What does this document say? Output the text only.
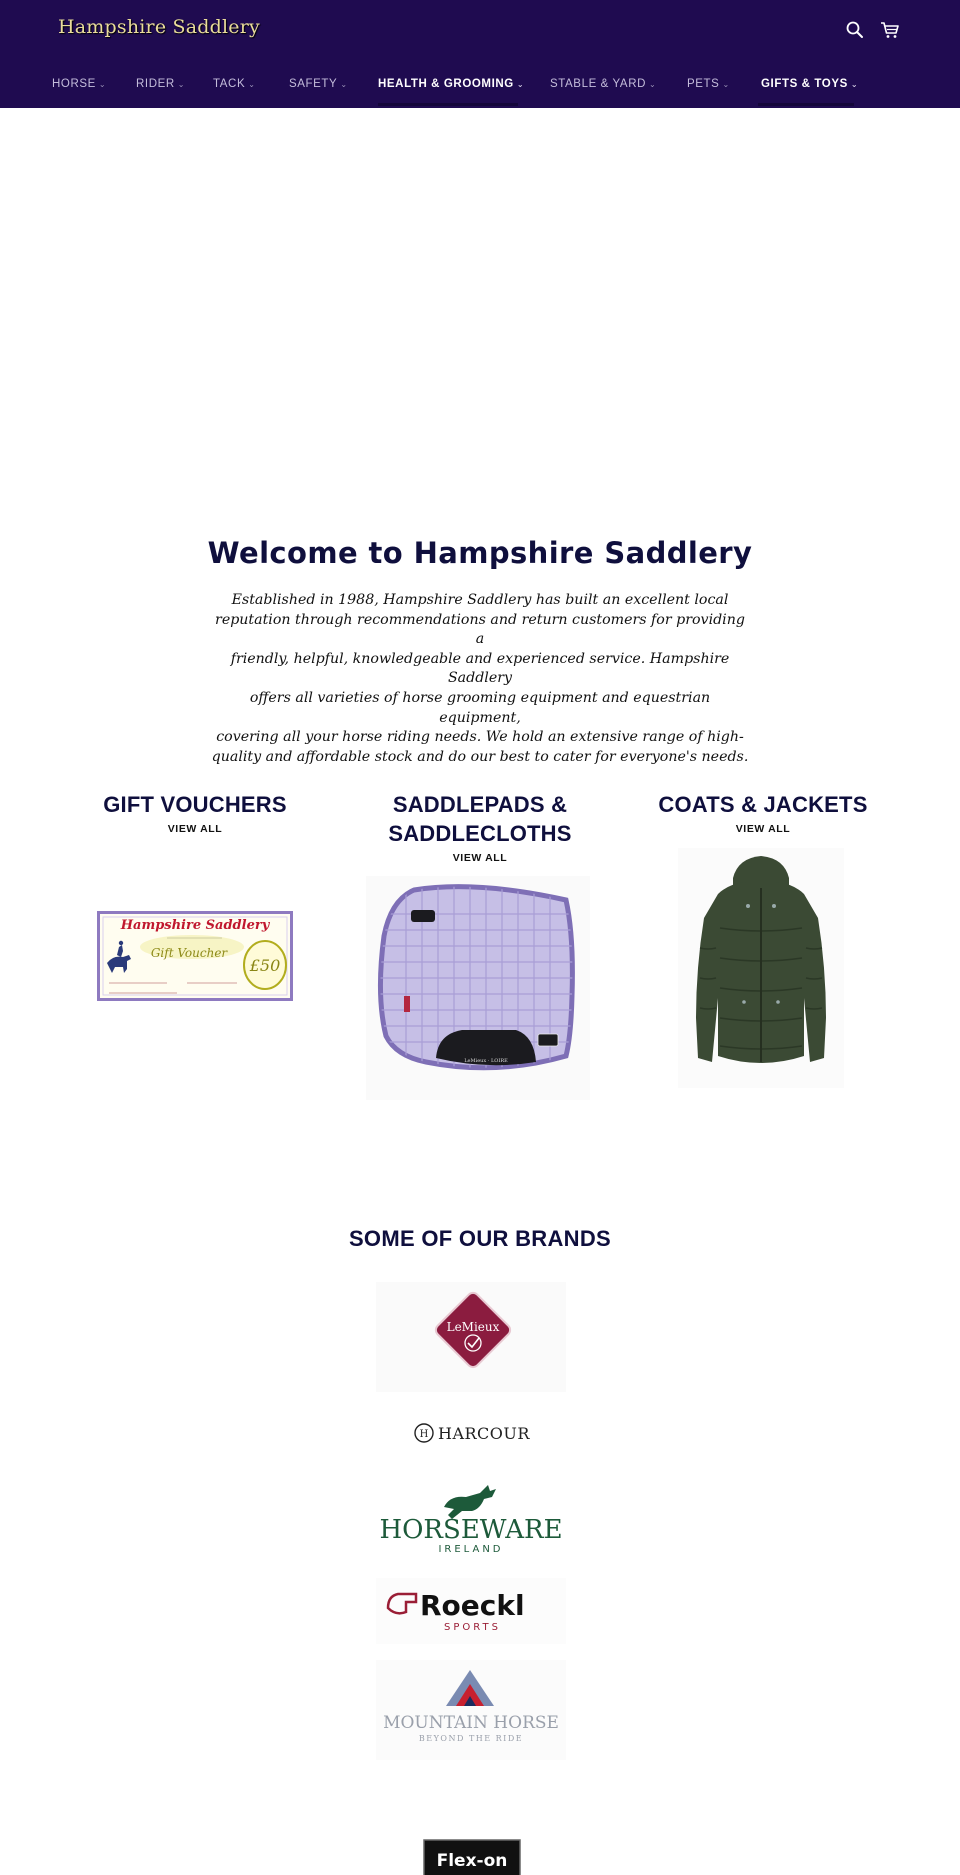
Hampshire Saddlery
HORSE ⌄	RIDER ⌄ TACK ⌄	SAFETY ⌄	HEALTH & GROOMING ⌄ STABLE & YARD ⌄	PETS ⌄	GIFTS & TOYS ⌄
Welcome to Hampshire Saddlery
Established in 1988, Hampshire Saddlery has built an excellent local
reputation through recommendations and return customers for providing a
friendly, helpful, knowledgeable and experienced service. Hampshire Saddlery
offers all varieties of horse grooming equipment and equestrian equipment,
covering all your horse riding needs. We hold an extensive range of high-
quality and affordable stock and do our best to cater for everyone's needs.
GIFT VOUCHERS
VIEW ALL
Hampshire Saddlery
Gift Voucher
£50
SADDLEPADS &
SADDLECLOTHS
VIEW ALL
LeMieux · LOIRE
COATS & JACKETS
VIEW ALL
SOME OF OUR BRANDS
LeMieux
H HARCOUR
HORSEWARE
IRELAND
Roeckl
SPORTS
MOUNTAIN HORSE
BEYOND THE RIDE
Flex-on
